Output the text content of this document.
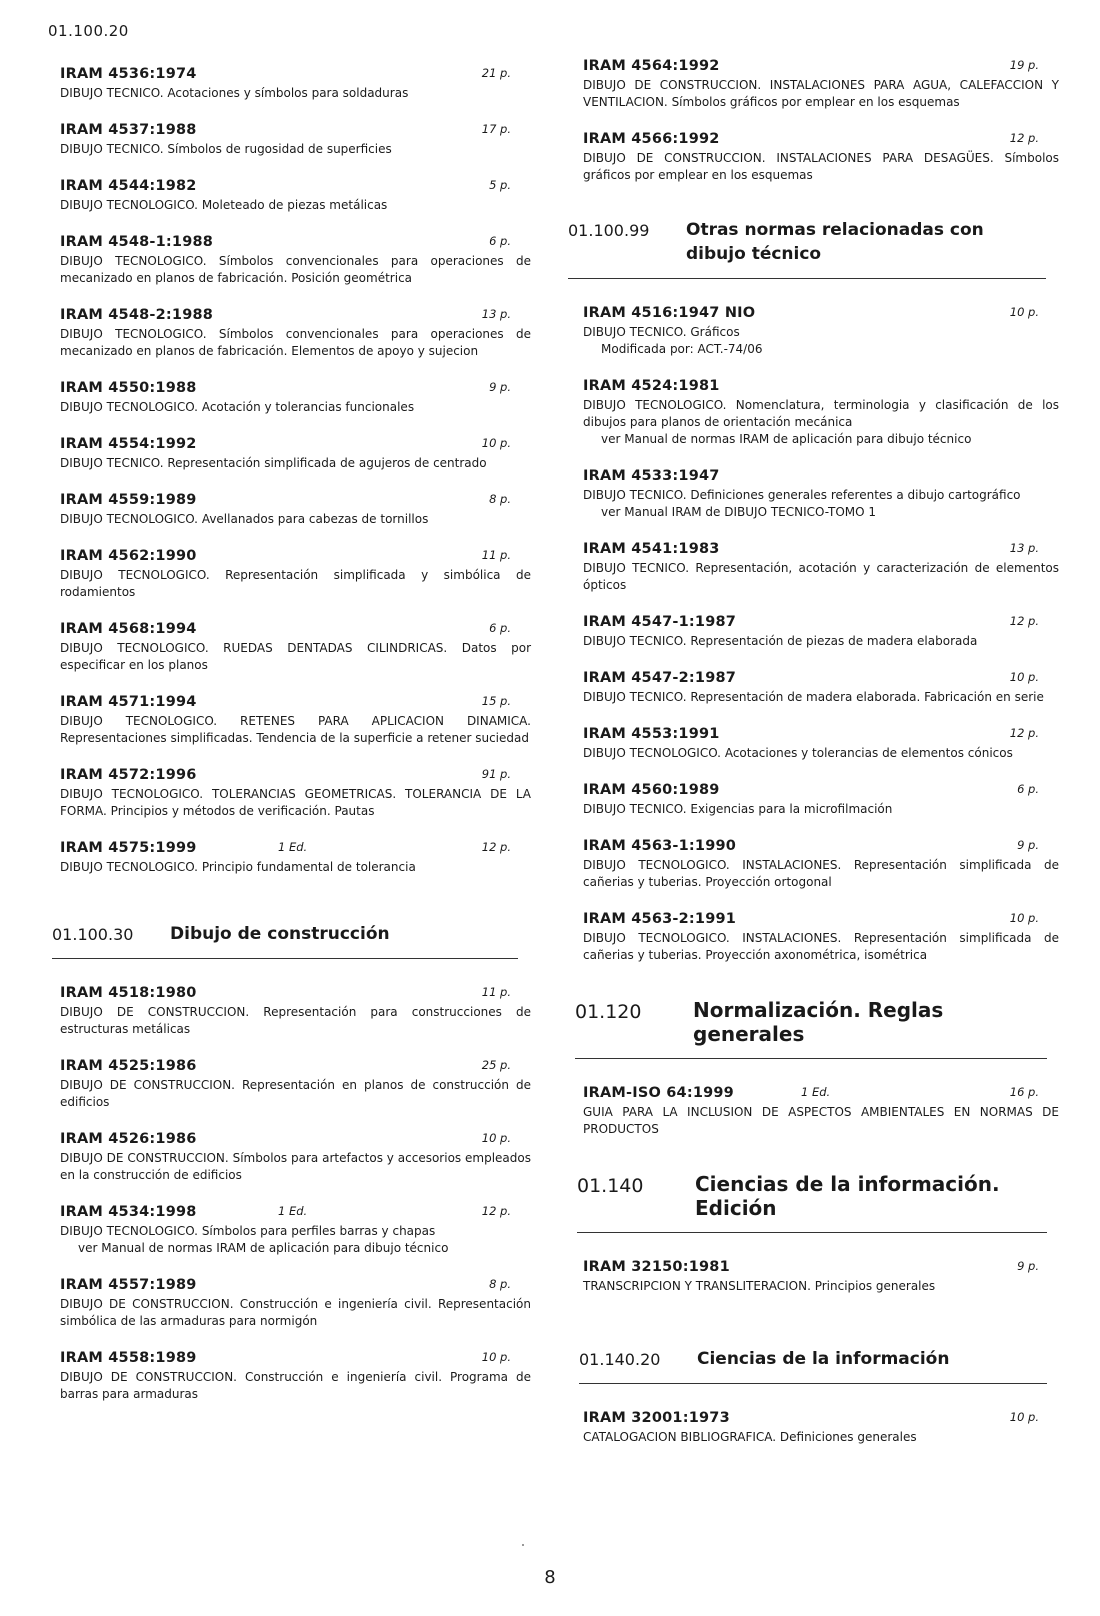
01.100.20
IRAM 4536:1974	21 p.
DIBUJO TECNICO. Acotaciones y símbolos para soldaduras
IRAM 4537:1988	17 p.
DIBUJO TECNICO. Símbolos de rugosidad de superficies
IRAM 4544:1982	5 p.
DIBUJO TECNOLOGICO. Moleteado de piezas metálicas
IRAM 4548-1:1988	6 p.
DIBUJO TECNOLOGICO. Símbolos convencionales para operaciones de mecanizado en planos de fabricación. Posición geométrica
IRAM 4548-2:1988	13 p.
DIBUJO TECNOLOGICO. Símbolos convencionales para operaciones de mecanizado en planos de fabricación. Elementos de apoyo y sujecion
IRAM 4550:1988	9 p.
DIBUJO TECNOLOGICO. Acotación y tolerancias funcionales
IRAM 4554:1992	10 p.
DIBUJO TECNICO. Representación simplificada de agujeros de centrado
IRAM 4559:1989	8 p.
DIBUJO TECNOLOGICO. Avellanados para cabezas de tornillos
IRAM 4562:1990	11 p.
DIBUJO TECNOLOGICO. Representación simplificada y simbólica de rodamientos
IRAM 4568:1994	6 p.
DIBUJO TECNOLOGICO. RUEDAS DENTADAS CILINDRICAS. Datos por especificar en los planos
IRAM 4571:1994	15 p.
DIBUJO TECNOLOGICO. RETENES PARA APLICACION DINAMICA. Representaciones simplificadas. Tendencia de la superficie a retener suciedad
IRAM 4572:1996	91 p.
DIBUJO TECNOLOGICO. TOLERANCIAS GEOMETRICAS. TOLERANCIA DE LA FORMA. Principios y métodos de verificación. Pautas
IRAM 4575:1999	1 Ed.	12 p.
DIBUJO TECNOLOGICO. Principio fundamental de tolerancia
01.100.30	Dibujo de construcción
IRAM 4518:1980	11 p.
DIBUJO DE CONSTRUCCION. Representación para construcciones de estructuras metálicas
IRAM 4525:1986	25 p.
DIBUJO DE CONSTRUCCION. Representación en planos de construcción de edificios
IRAM 4526:1986	10 p.
DIBUJO DE CONSTRUCCION. Símbolos para artefactos y accesorios empleados en la construcción de edificios
IRAM 4534:1998	1 Ed.	12 p.
DIBUJO TECNOLOGICO. Símbolos para perfiles barras y chapas
ver Manual de normas IRAM de aplicación para dibujo técnico
IRAM 4557:1989	8 p.
DIBUJO DE CONSTRUCCION. Construcción e ingeniería civil. Representación simbólica de las armaduras para normigón
IRAM 4558:1989	10 p.
DIBUJO DE CONSTRUCCION. Construcción e ingeniería civil. Programa de barras para armaduras
IRAM 4564:1992	19 p.
DIBUJO DE CONSTRUCCION. INSTALACIONES PARA AGUA, CALEFACCION Y VENTILACION. Símbolos gráficos por emplear en los esquemas
IRAM 4566:1992	12 p.
DIBUJO DE CONSTRUCCION. INSTALACIONES PARA DESAGÜES. Símbolos gráficos por emplear en los esquemas
01.100.99	Otras normas relacionadas con dibujo técnico
IRAM 4516:1947 NIO	10 p.
DIBUJO TECNICO. Gráficos
Modificada por: ACT.-74/06
IRAM 4524:1981
DIBUJO TECNOLOGICO. Nomenclatura, terminologia y clasificación de los dibujos para planos de orientación mecánica
ver Manual de normas IRAM de aplicación para dibujo técnico
IRAM 4533:1947
DIBUJO TECNICO. Definiciones generales referentes a dibujo cartográfico
ver Manual IRAM de DIBUJO TECNICO-TOMO 1
IRAM 4541:1983	13 p.
DIBUJO TECNICO. Representación, acotación y caracterización de elementos ópticos
IRAM 4547-1:1987	12 p.
DIBUJO TECNICO. Representación de piezas de madera elaborada
IRAM 4547-2:1987	10 p.
DIBUJO TECNICO. Representación de madera elaborada. Fabricación en serie
IRAM 4553:1991	12 p.
DIBUJO TECNOLOGICO. Acotaciones y tolerancias de elementos cónicos
IRAM 4560:1989	6 p.
DIBUJO TECNICO. Exigencias para la microfilmación
IRAM 4563-1:1990	9 p.
DIBUJO TECNOLOGICO. INSTALACIONES. Representación simplificada de cañerias y tuberias. Proyección ortogonal
IRAM 4563-2:1991	10 p.
DIBUJO TECNOLOGICO. INSTALACIONES. Representación simplificada de cañerias y tuberias. Proyección axonométrica, isométrica
01.120	Normalización. Reglas generales
IRAM-ISO 64:1999	1 Ed.	16 p.
GUIA PARA LA INCLUSION DE ASPECTOS AMBIENTALES EN NORMAS DE PRODUCTOS
01.140	Ciencias de la información. Edición
IRAM 32150:1981	9 p.
TRANSCRIPCION Y TRANSLITERACION. Principios generales
01.140.20	Ciencias de la información
IRAM 32001:1973	10 p.
CATALOGACION BIBLIOGRAFICA. Definiciones generales
8
